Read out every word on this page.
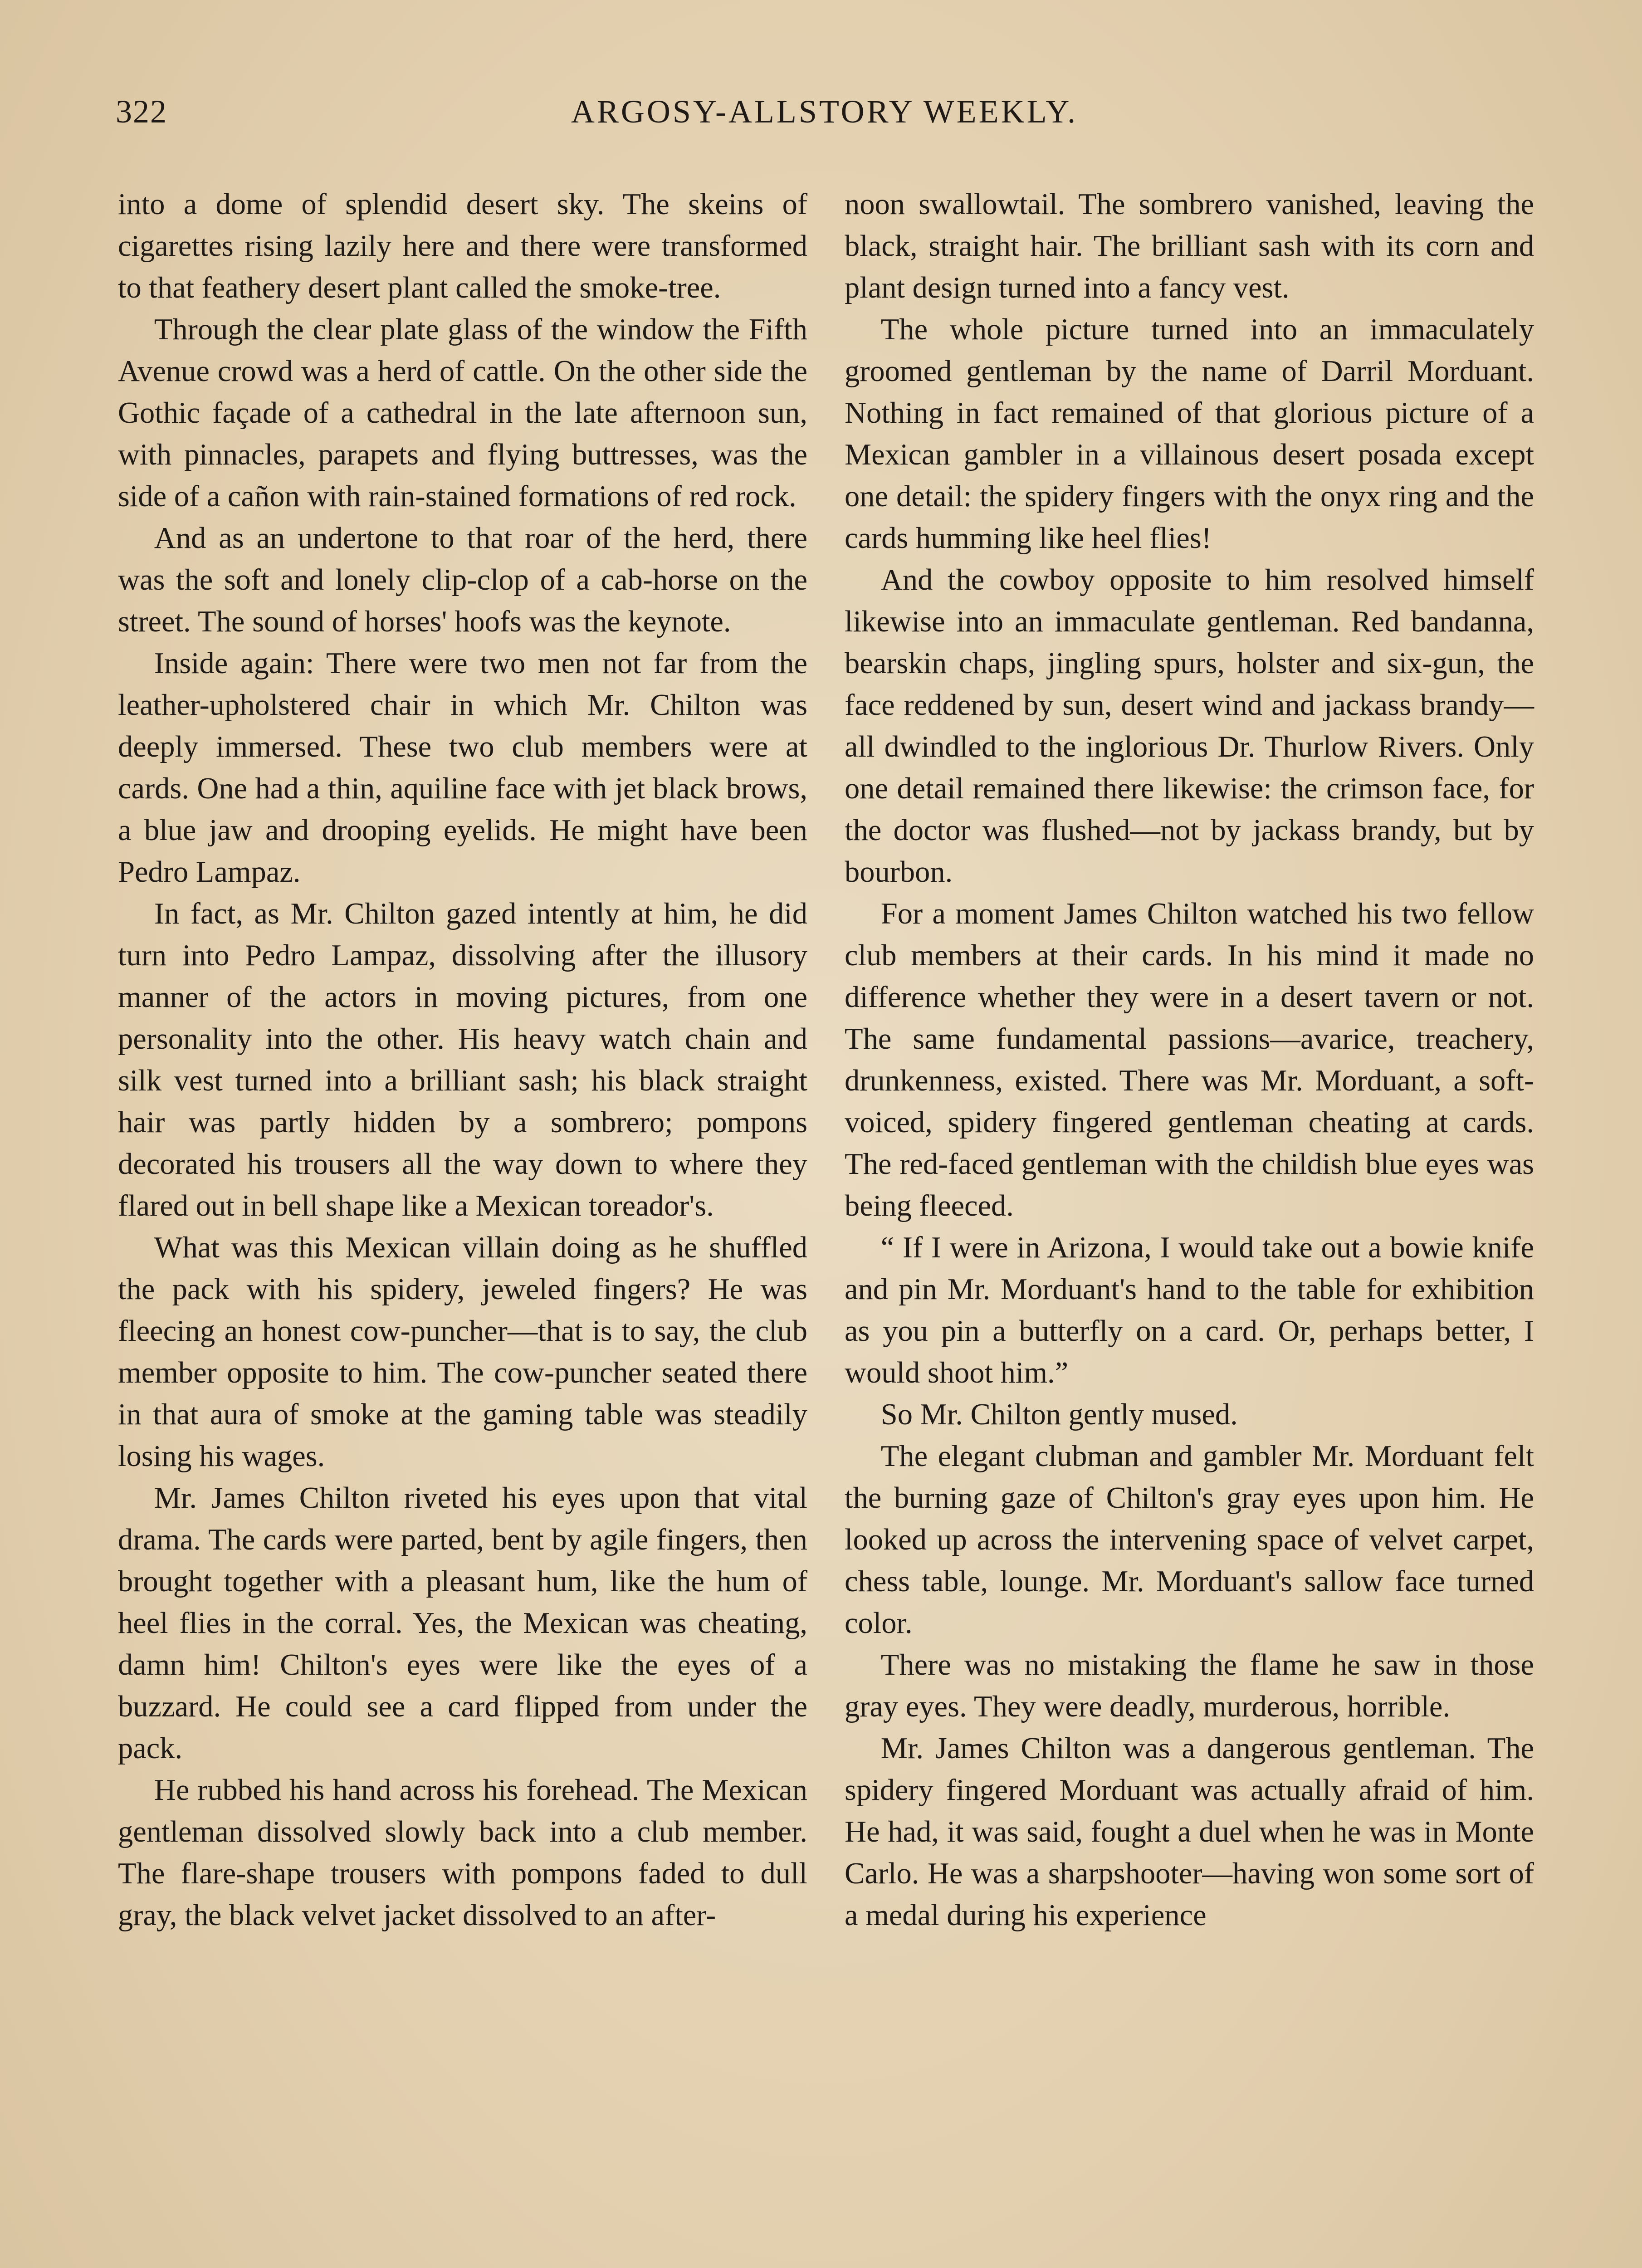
322	ARGOSY-ALLSTORY WEEKLY.

into a dome of splendid desert sky. The skeins of cigarettes rising lazily here and there were transformed to that feathery desert plant called the smoke-tree.

Through the clear plate glass of the window the Fifth Avenue crowd was a herd of cattle. On the other side the Gothic façade of a cathedral in the late afternoon sun, with pinnacles, parapets and flying buttresses, was the side of a cañon with rain-stained formations of red rock.

And as an undertone to that roar of the herd, there was the soft and lonely clip-clop of a cab-horse on the street. The sound of horses' hoofs was the keynote.

Inside again: There were two men not far from the leather-upholstered chair in which Mr. Chilton was deeply immersed. These two club members were at cards. One had a thin, aquiline face with jet black brows, a blue jaw and drooping eyelids. He might have been Pedro Lampaz.

In fact, as Mr. Chilton gazed intently at him, he did turn into Pedro Lampaz, dissolving after the illusory manner of the actors in moving pictures, from one personality into the other. His heavy watch chain and silk vest turned into a brilliant sash; his black straight hair was partly hidden by a sombrero; pompons decorated his trousers all the way down to where they flared out in bell shape like a Mexican toreador's.

What was this Mexican villain doing as he shuffled the pack with his spidery, jeweled fingers? He was fleecing an honest cow-puncher—that is to say, the club member opposite to him. The cow-puncher seated there in that aura of smoke at the gaming table was steadily losing his wages.

Mr. James Chilton riveted his eyes upon that vital drama. The cards were parted, bent by agile fingers, then brought together with a pleasant hum, like the hum of heel flies in the corral. Yes, the Mexican was cheating, damn him! Chilton's eyes were like the eyes of a buzzard. He could see a card flipped from under the pack.

He rubbed his hand across his forehead. The Mexican gentleman dissolved slowly back into a club member. The flare-shape trousers with pompons faded to dull gray, the black velvet jacket dissolved to an after-

noon swallowtail. The sombrero vanished, leaving the black, straight hair. The brilliant sash with its corn and plant design turned into a fancy vest.

The whole picture turned into an immaculately groomed gentleman by the name of Darril Morduant. Nothing in fact remained of that glorious picture of a Mexican gambler in a villainous desert posada except one detail: the spidery fingers with the onyx ring and the cards humming like heel flies!

And the cowboy opposite to him resolved himself likewise into an immaculate gentleman. Red bandanna, bearskin chaps, jingling spurs, holster and six-gun, the face reddened by sun, desert wind and jackass brandy—all dwindled to the inglorious Dr. Thurlow Rivers. Only one detail remained there likewise: the crimson face, for the doctor was flushed—not by jackass brandy, but by bourbon.

For a moment James Chilton watched his two fellow club members at their cards. In his mind it made no difference whether they were in a desert tavern or not. The same fundamental passions—avarice, treachery, drunkenness, existed. There was Mr. Morduant, a soft-voiced, spidery fingered gentleman cheating at cards. The red-faced gentleman with the childish blue eyes was being fleeced.

“ If I were in Arizona, I would take out a bowie knife and pin Mr. Morduant's hand to the table for exhibition as you pin a butterfly on a card. Or, perhaps better, I would shoot him.”

So Mr. Chilton gently mused.

The elegant clubman and gambler Mr. Morduant felt the burning gaze of Chilton's gray eyes upon him. He looked up across the intervening space of velvet carpet, chess table, lounge. Mr. Morduant's sallow face turned color.

There was no mistaking the flame he saw in those gray eyes. They were deadly, murderous, horrible.

Mr. James Chilton was a dangerous gentleman. The spidery fingered Morduant was actually afraid of him. He had, it was said, fought a duel when he was in Monte Carlo. He was a sharpshooter—having won some sort of a medal during his experience
